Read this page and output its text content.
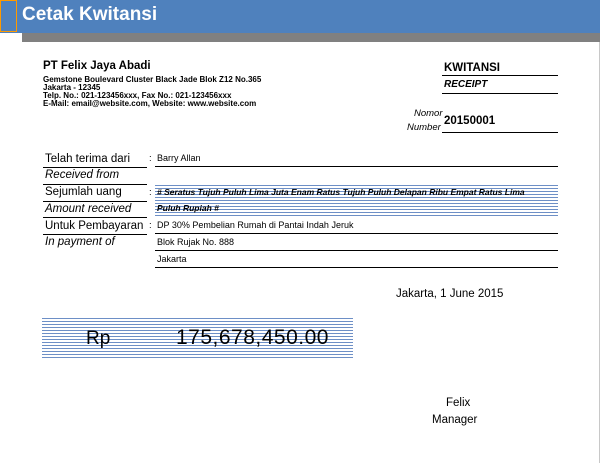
Cetak Kwitansi
PT Felix Jaya Abadi
Gemstone Boulevard Cluster Black Jade Blok Z12 No.365
Jakarta - 12345
Telp. No.: 021-123456xxx, Fax No.: 021-123456xxx
E-Mail: email@website.com, Website: www.website.com
KWITANSI
RECEIPT
Nomor
Number
20150001
Telah terima dari : Barry Allan
Received from
Sejumlah uang	: # Seratus Tujuh Puluh Lima Juta Enam Ratus Tujuh Puluh Delapan Ribu Empat Ratus Lima
Puluh Rupiah #
Amount received
Untuk Pembayaran : DP 30% Pembelian Rumah di Pantai Indah Jeruk
In payment of	Blok Rujak No. 888
Jakarta
Jakarta, 1 June 2015
Rp	175,678,450.00
Felix
Manager
